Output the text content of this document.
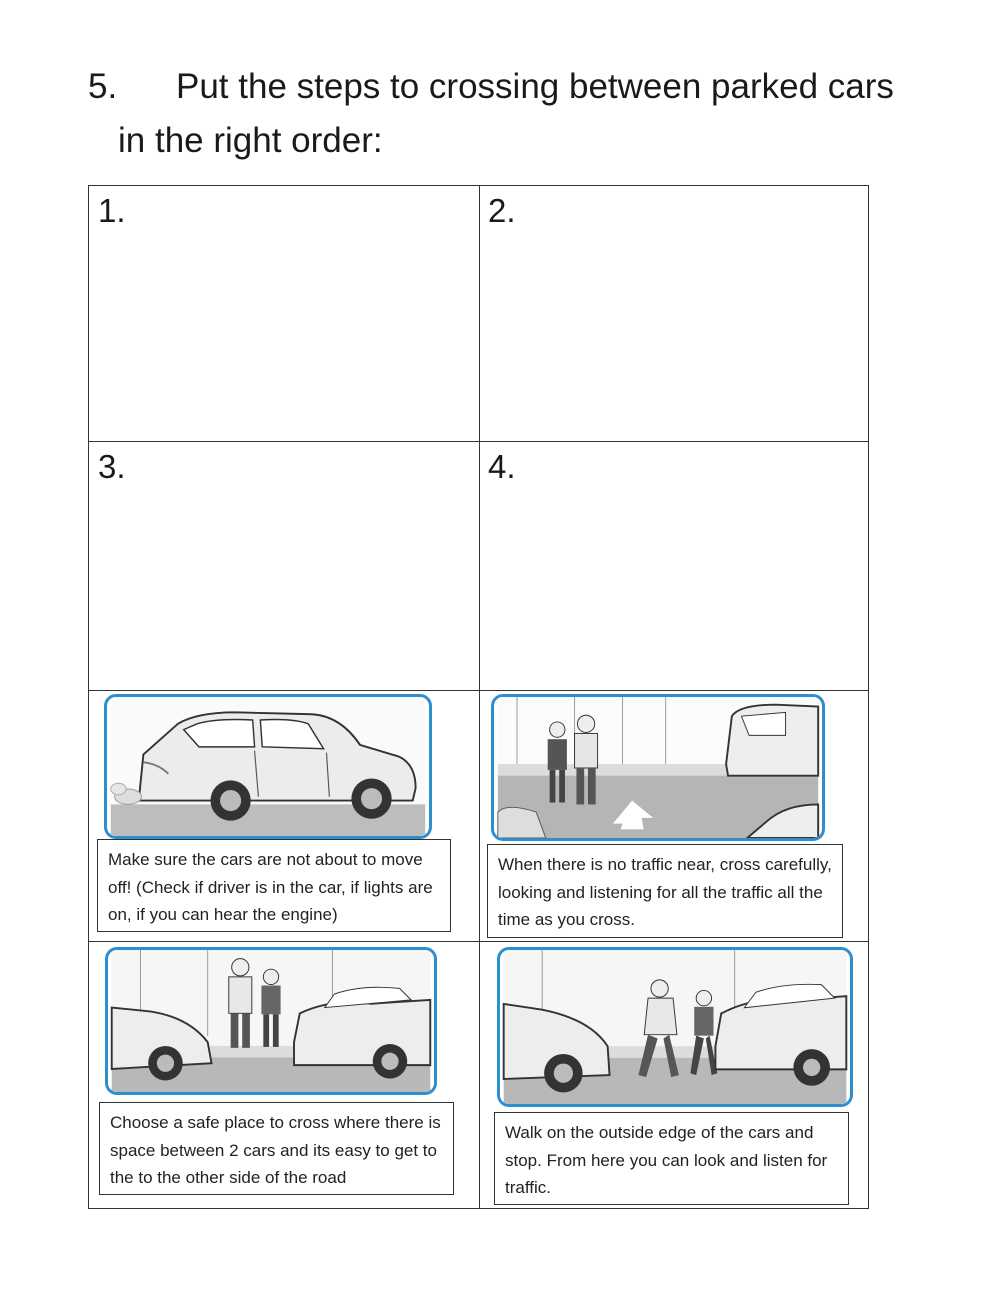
5. Put the steps to crossing between parked cars
in the right order:
1.	2.
3.	4.
Make sure the cars are not about to move off! (Check if driver is in the car, if lights are on, if you can hear the engine)
When there is no traffic near, cross carefully, looking and listening for all the traffic all the time as you cross.
Choose a safe place to cross where there is space between 2 cars and its easy to get to the to the other side of the road
Walk on the outside edge of the cars and stop. From here you can look and listen for traffic.
